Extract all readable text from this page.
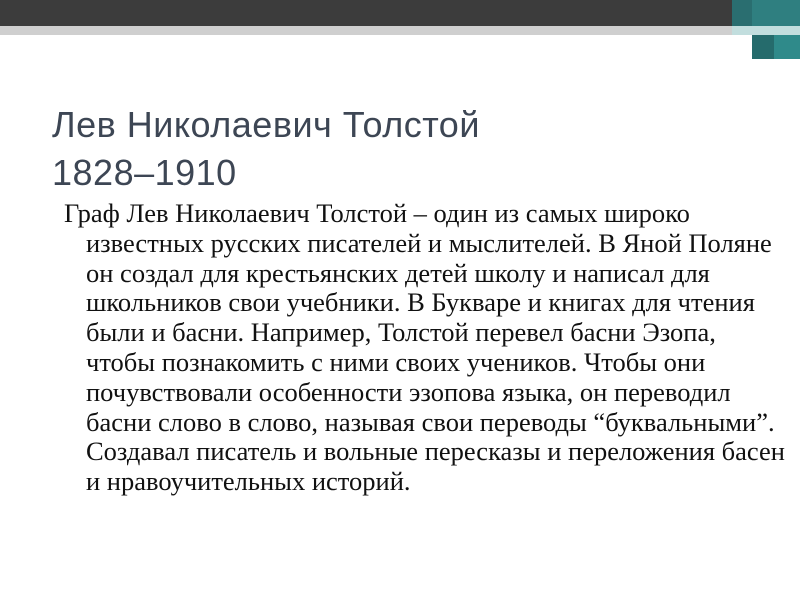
Лев Николаевич Толстой
1828–1910

Граф Лев Николаевич Толстой – один из самых широко известных русских писателей и мыслителей. В Яной Поляне он создал для крестьянских детей школу и написал для школьников свои учебники. В Букваре и книгах для чтения были и басни. Например, Толстой перевел басни Эзопа, чтобы познакомить с ними своих учеников. Чтобы они почувствовали особенности эзопова языка, он переводил басни слово в слово, называя свои переводы “буквальными”. Создавал писатель и вольные пересказы и переложения басен и нравоучительных историй.
